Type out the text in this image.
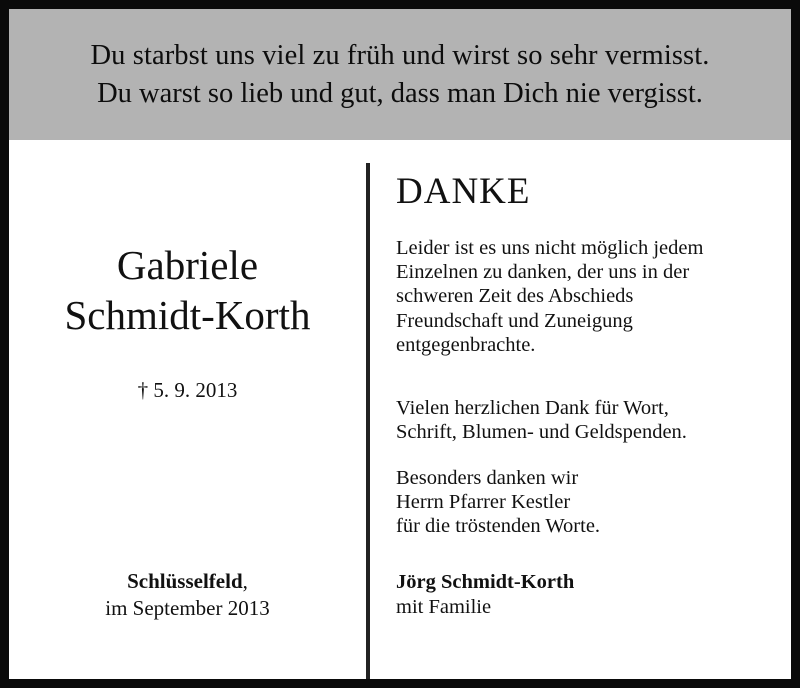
Du starbst uns viel zu früh und wirst so sehr vermisst.
Du warst so lieb und gut, dass man Dich nie vergisst.
Gabriele
Schmidt-Korth
† 5. 9. 2013
Schlüsselfeld,
im September 2013
DANKE

Leider ist es uns nicht möglich jedem
Einzelnen zu danken, der uns in der
schweren Zeit des Abschieds
Freundschaft und Zuneigung
entgegenbrachte.

Vielen herzlichen Dank für Wort,
Schrift, Blumen- und Geldspenden.

Besonders danken wir
Herrn Pfarrer Kestler
für die tröstenden Worte.

Jörg Schmidt-Korth
mit Familie
